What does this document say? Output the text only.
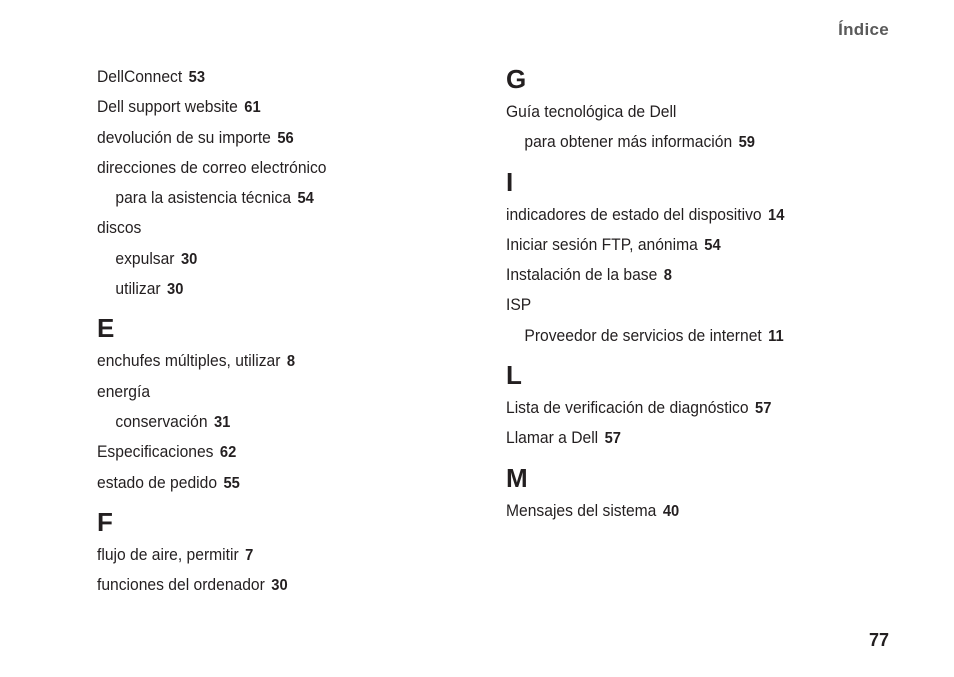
Índice
DellConnect 53
Dell support website 61
devolución de su importe 56
direcciones de correo electrónico
para la asistencia técnica 54
discos
expulsar 30
utilizar 30
E
enchufes múltiples, utilizar 8
energía
conservación 31
Especificaciones 62
estado de pedido 55
F
flujo de aire, permitir 7
funciones del ordenador 30
G
Guía tecnológica de Dell
para obtener más información 59
I
indicadores de estado del dispositivo 14
Iniciar sesión FTP, anónima 54
Instalación de la base 8
ISP
Proveedor de servicios de internet 11
L
Lista de verificación de diagnóstico 57
Llamar a Dell 57
M
Mensajes del sistema 40
77
